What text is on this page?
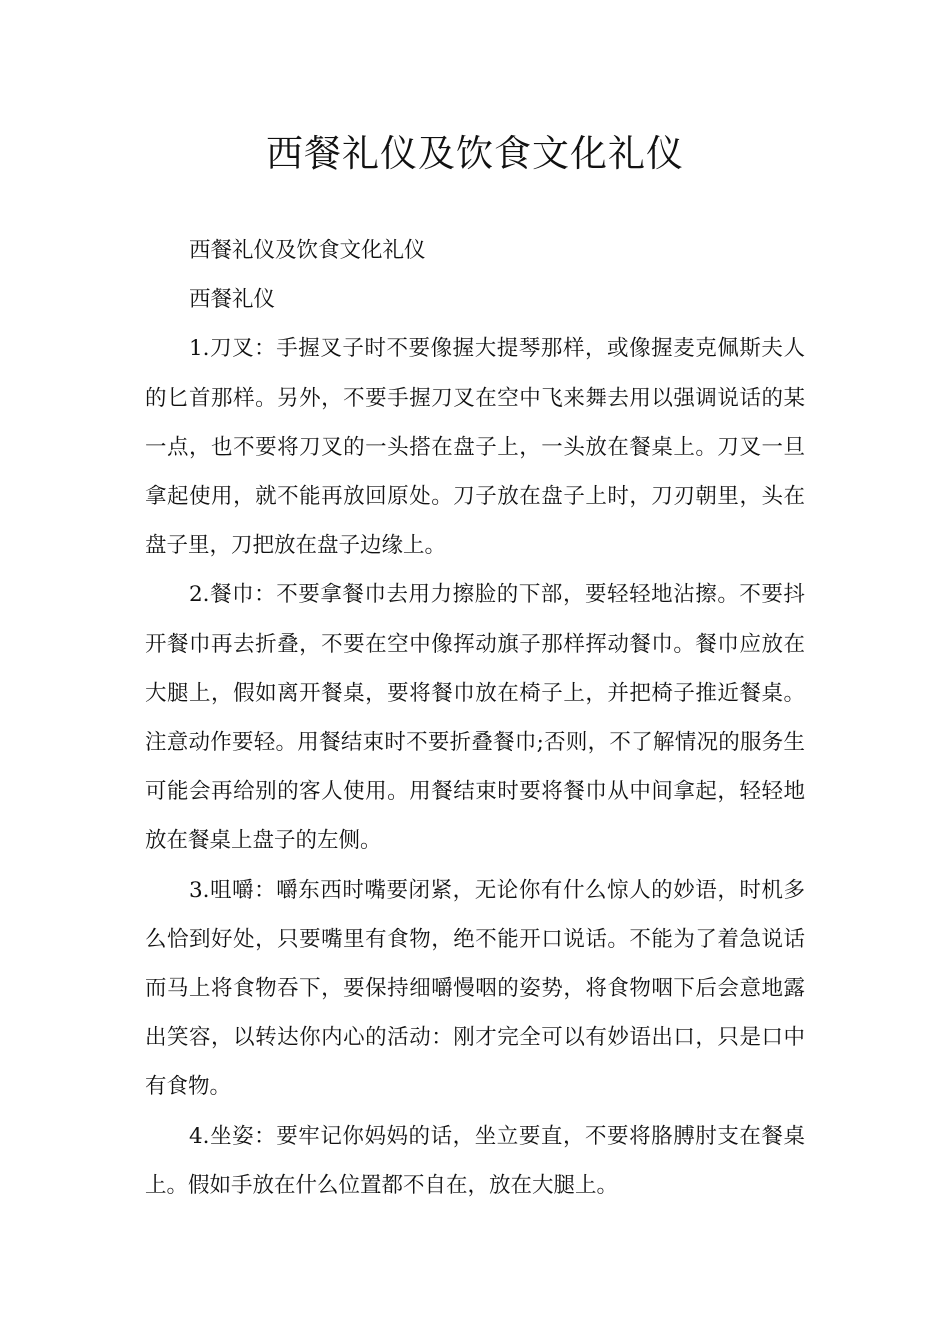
西餐礼仪及饮食文化礼仪

西餐礼仪及饮食文化礼仪

西餐礼仪

1.刀叉：手握叉子时不要像握大提琴那样，或像握麦克佩斯夫人的匕首那样。另外，不要手握刀叉在空中飞来舞去用以强调说话的某一点，也不要将刀叉的一头搭在盘子上，一头放在餐桌上。刀叉一旦拿起使用，就不能再放回原处。刀子放在盘子上时，刀刃朝里，头在盘子里，刀把放在盘子边缘上。

2.餐巾：不要拿餐巾去用力擦脸的下部，要轻轻地沾擦。不要抖开餐巾再去折叠，不要在空中像挥动旗子那样挥动餐巾。餐巾应放在大腿上，假如离开餐桌，要将餐巾放在椅子上，并把椅子推近餐桌。注意动作要轻。用餐结束时不要折叠餐巾;否则，不了解情况的服务生可能会再给别的客人使用。用餐结束时要将餐巾从中间拿起，轻轻地放在餐桌上盘子的左侧。

3.咀嚼：嚼东西时嘴要闭紧，无论你有什么惊人的妙语，时机多么恰到好处，只要嘴里有食物，绝不能开口说话。不能为了着急说话而马上将食物吞下，要保持细嚼慢咽的姿势，将食物咽下后会意地露出笑容，以转达你内心的活动：刚才完全可以有妙语出口，只是口中有食物。

4.坐姿：要牢记你妈妈的话，坐立要直，不要将胳膊肘支在餐桌上。假如手放在什么位置都不自在，放在大腿上。
